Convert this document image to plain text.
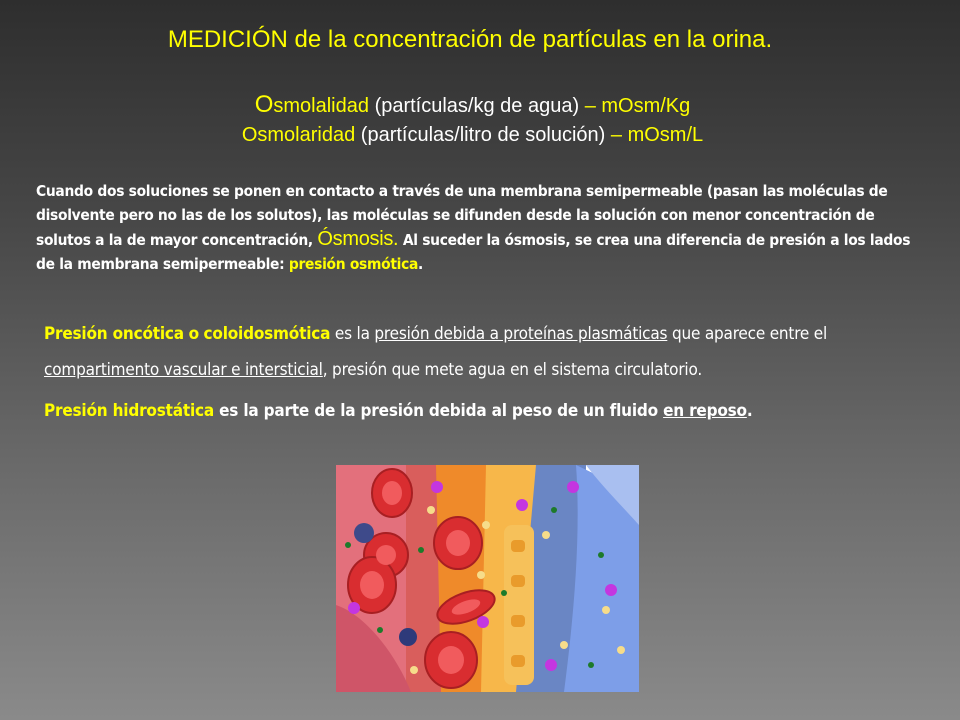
MEDICIÓN de la concentración de partículas en la orina.
Osmolalidad (partículas/kg de agua) – mOsm/Kg
Osmolaridad (partículas/litro de solución) – mOsm/L
Cuando dos soluciones se ponen en contacto a través de una membrana semipermeable (pasan las moléculas de disolvente pero no las de los solutos), las moléculas se difunden desde la solución con menor concentración de solutos a la de mayor concentración, Ósmosis. Al suceder la ósmosis, se crea una diferencia de presión a los lados de la membrana semipermeable: presión osmótica.
Presión oncótica o coloidosmótica es la presión debida a proteínas plasmáticas que aparece entre el compartimento vascular e intersticial, presión que mete agua en el sistema circulatorio.
Presión hidrostática es la parte de la presión debida al peso de un fluido en reposo.
